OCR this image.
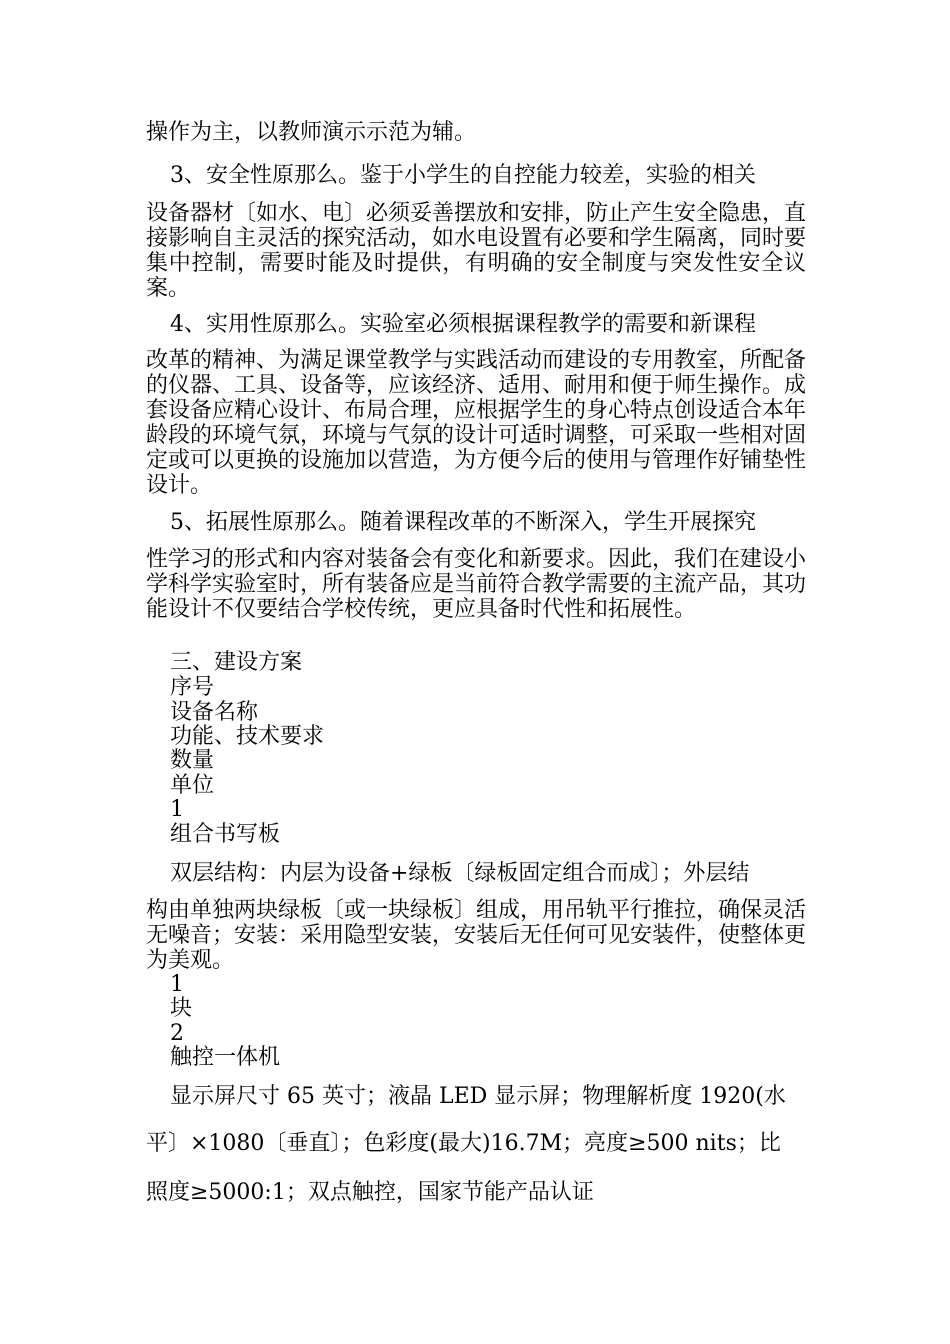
操作为主，以教师演示示范为辅。

3、安全性原那么。鉴于小学生的自控能力较差，实验的相关

设备器材〔如水、电〕必须妥善摆放和安排，防止产生安全隐患，直接影响自主灵活的探究活动，如水电设置有必要和学生隔离，同时要集中控制，需要时能及时提供，有明确的安全制度与突发性安全议案。

4、实用性原那么。实验室必须根据课程教学的需要和新课程

改革的精神、为满足课堂教学与实践活动而建设的专用教室，所配备的仪器、工具、设备等，应该经济、适用、耐用和便于师生操作。成套设备应精心设计、布局合理，应根据学生的身心特点创设适合本年龄段的环境气氛，环境与气氛的设计可适时调整，可采取一些相对固定或可以更换的设施加以营造，为方便今后的使用与管理作好铺垫性设计。

5、拓展性原那么。随着课程改革的不断深入，学生开展探究

性学习的形式和内容对装备会有变化和新要求。因此，我们在建设小学科学实验室时，所有装备应是当前符合教学需要的主流产品，其功能设计不仅要结合学校传统，更应具备时代性和拓展性。

三、建设方案

序号

设备名称

功能、技术要求

数量

单位

1

组合书写板

双层结构：内层为设备+绿板〔绿板固定组合而成〕；外层结

构由单独两块绿板〔或一块绿板〕组成，用吊轨平行推拉，确保灵活无噪音；安装：采用隐型安装，安装后无任何可见安装件，使整体更为美观。

1

块

2

触控一体机

显示屏尺寸 65 英寸；液晶 LED 显示屏；物理解析度 1920(水

平〕×1080〔垂直〕；色彩度(最大)16.7M；亮度≥500 nits；比

照度≥5000:1；双点触控，国家节能产品认证
